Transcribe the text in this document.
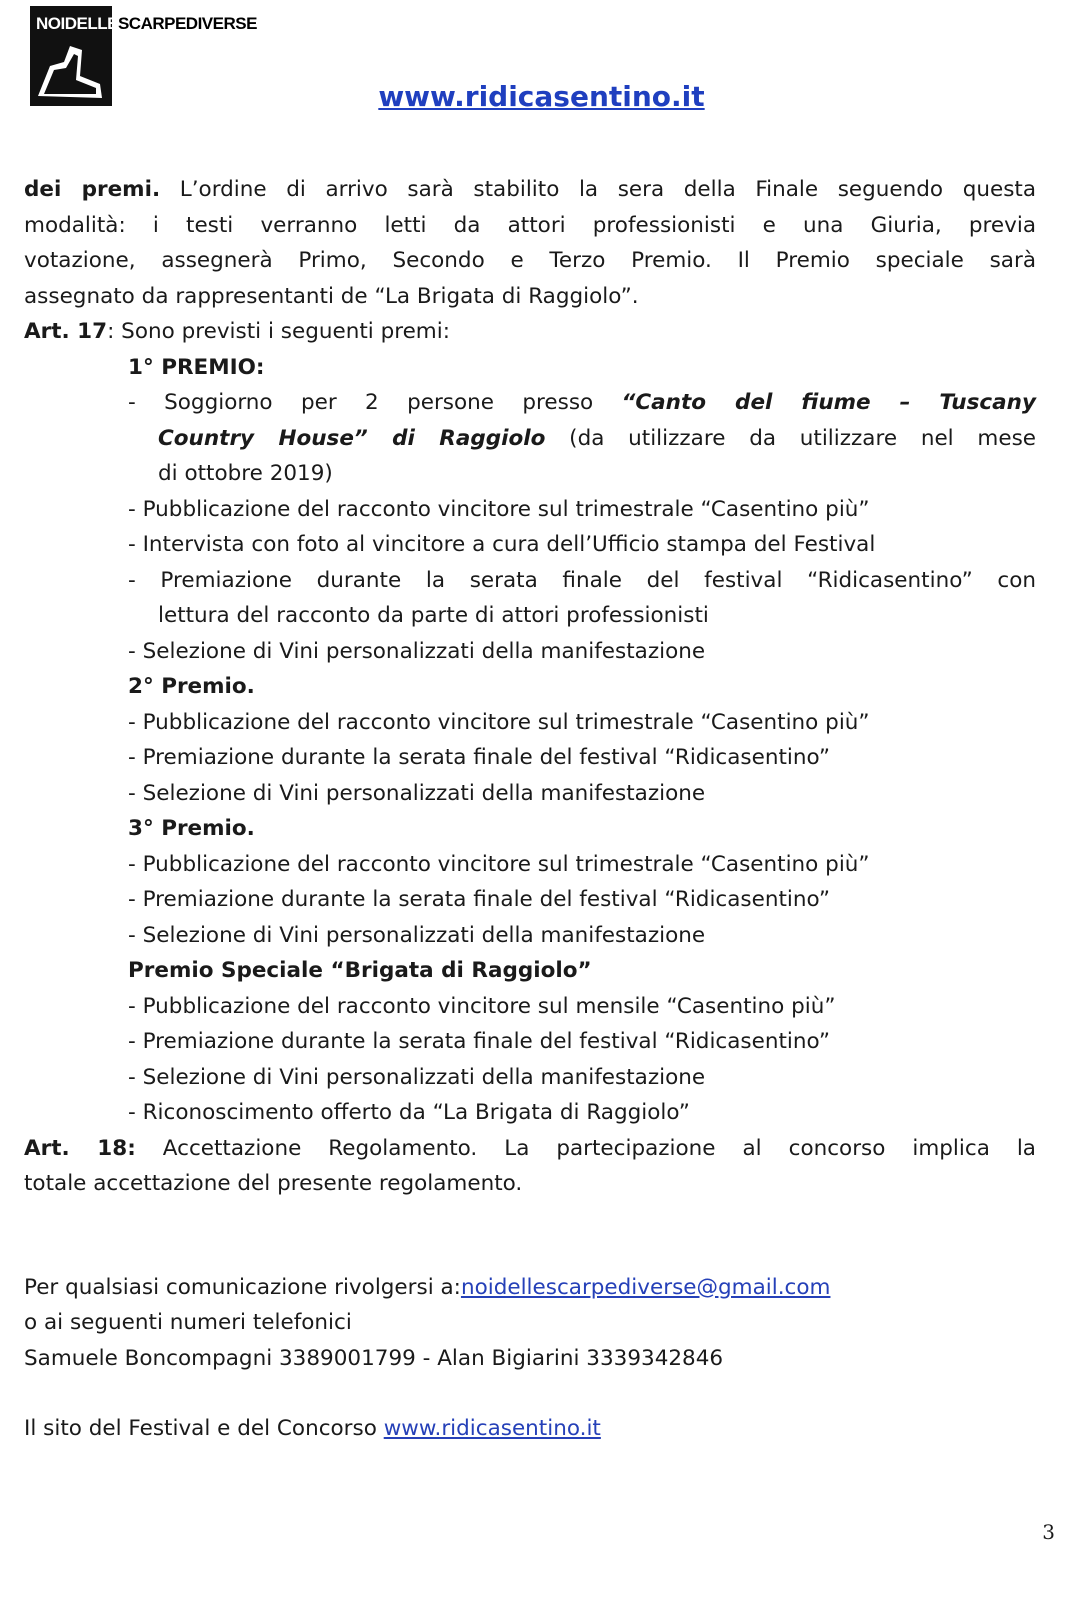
NOIDELLESCARPEDIVERSE
www.ridicasentino.it

dei premi. L’ordine di arrivo sarà stabilito la sera della Finale seguendo questa

modalità: i testi verranno letti da attori professionisti e una Giuria, previa

votazione, assegnerà Primo, Secondo e Terzo Premio. Il Premio speciale sarà

assegnato da rappresentanti de “La Brigata di Raggiolo”.

Art. 17: Sono previsti i seguenti premi:

1° PREMIO:

- Soggiorno per 2 persone presso “Canto del fiume – Tuscany

Country House” di Raggiolo (da utilizzare da utilizzare nel mese

di ottobre 2019)

- Pubblicazione del racconto vincitore sul trimestrale “Casentino più”

- Intervista con foto al vincitore a cura dell’Ufficio stampa del Festival

- Premiazione durante la serata finale del festival “Ridicasentino” con

lettura del racconto da parte di attori professionisti

- Selezione di Vini personalizzati della manifestazione

2° Premio.

- Pubblicazione del racconto vincitore sul trimestrale “Casentino più”

- Premiazione durante la serata finale del festival “Ridicasentino”

- Selezione di Vini personalizzati della manifestazione

3° Premio.

- Pubblicazione del racconto vincitore sul trimestrale “Casentino più”

- Premiazione durante la serata finale del festival “Ridicasentino”

- Selezione di Vini personalizzati della manifestazione

Premio Speciale “Brigata di Raggiolo”

- Pubblicazione del racconto vincitore sul mensile “Casentino più”

- Premiazione durante la serata finale del festival “Ridicasentino”

- Selezione di Vini personalizzati della manifestazione

- Riconoscimento offerto da “La Brigata di Raggiolo”

Art. 18: Accettazione Regolamento. La partecipazione al concorso implica la

totale accettazione del presente regolamento.

Per qualsiasi comunicazione rivolgersi a:noidellescarpediverse@gmail.com

o ai seguenti numeri telefonici

Samuele Boncompagni 3389001799 - Alan Bigiarini 3339342846

Il sito del Festival e del Concorso www.ridicasentino.it

3
